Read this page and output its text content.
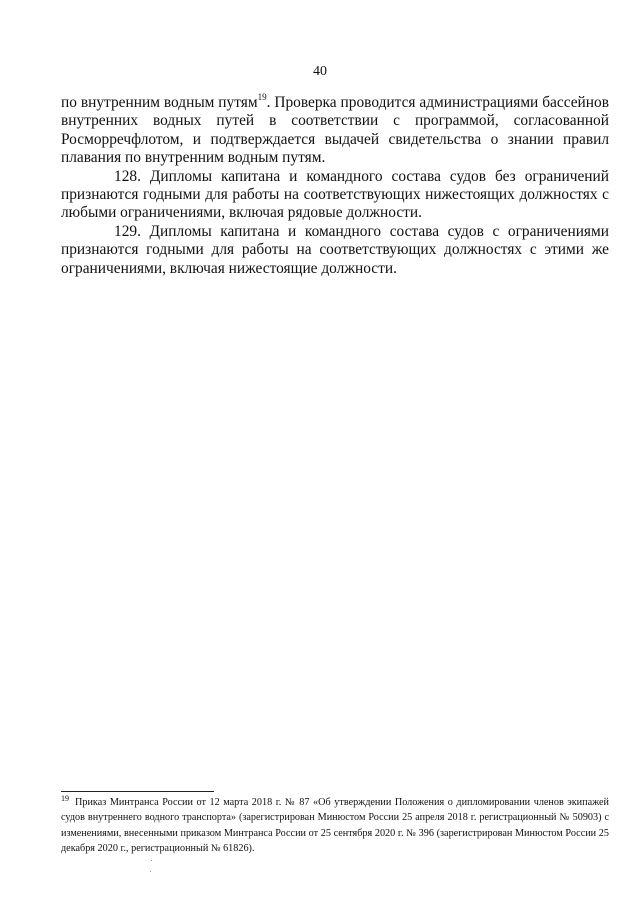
40

по внутренним водным путям$^{19}$. Проверка проводится администрациями бассейнов внутренних водных путей в соответствии с программой, согласованной Росморречфлотом, и подтверждается выдачей свидетельства о знании правил плавания по внутренним водным путям.

128. Дипломы капитана и командного состава судов без ограничений признаются годными для работы на соответствующих нижестоящих должностях с любыми ограничениями, включая рядовые должности.

129. Дипломы капитана и командного состава судов с ограничениями признаются годными для работы на соответствующих должностях с этими же ограничениями, включая нижестоящие должности.

$^{19}$ Приказ Минтранса России от 12 марта 2018 г. № 87 «Об утверждении Положения о дипломировании членов экипажей судов внутреннего водного транспорта» (зарегистрирован Минюстом России 25 апреля 2018 г. регистрационный № 50903) с изменениями, внесенными приказом Минтранса России от 25 сентября 2020 г. № 396 (зарегистрирован Минюстом России 25 декабря 2020 г., регистрационный № 61826).
